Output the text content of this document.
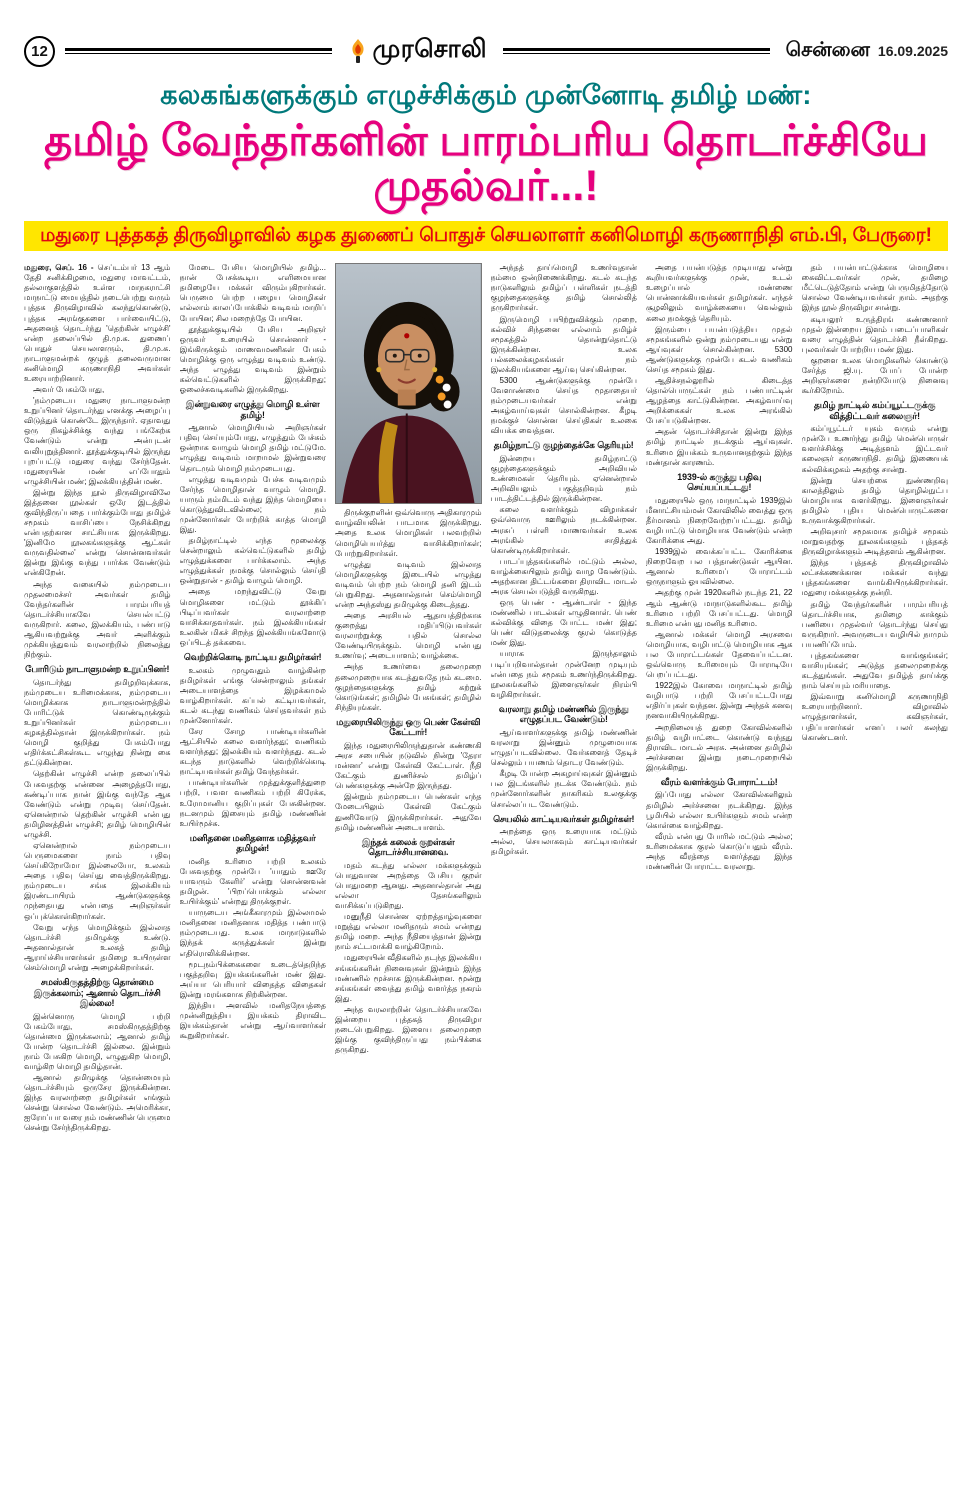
12	முரசொலி	சென்னை 16.09.2025
கலகங்களுக்கும் எழுச்சிக்கும் முன்னோடி தமிழ் மண்:
தமிழ் வேந்தர்களின் பாரம்பரிய தொடர்ச்சியே முதல்வர்...!
மதுரை புத்தகத் திருவிழாவில் கழக துணைப் பொதுச் செயலாளர் கனிமொழி கருணாநிதி எம்.பி, பேருரை!

மதுரை, செப். 16 - செப்டம்பர் 13 ஆம் தேதி சனிக்கிழமை, மதுரை மாவட்டம், தல்லாகுளத்தில் உள்ள மாநகராட்சி மாநாட்டு மையத்தில் நடைபெற்று வரும் புத்தக திருவிழாவில் கலந்துகொண்டு, புத்தக அரங்குகளை பார்வையிட்டு, அதனைத் தொடர்ந்து 'தெற்கின் எழுச்சி' என்ற தலைப்பில் தி.மு.க. துணைப் பொதுச் செயலாளரும், தி.மு.க. நாடாளுமன்றக் குழுத் தலைவருமான கனிமொழி கருணாநிதி அவர்கள் உரையாற்றினார்.

அவர் பேசும்போது,

'நம்முடைய மதுரை நாடாளுமன்ற உறுப்பினர் தொடர்ந்து எனக்கு அழைப்பு விடுத்துக் கொண்டே இருந்தார். ஏதாவது ஒரு நிகழ்ச்சிக்கு வந்து பங்கேற்க வேண்டும் என்று அன்புடன் வலியுறுத்தினார். தூத்துக்குடியில் இருந்து புறப்பட்டு மதுரை வந்து சேர்ந்தேன். மதுரையின் மண் எப்போதும் எழுச்சியின் மண்; இலக்கியத்தின் மண்.

இன்று இந்த நூல் திருவிழாவிலே இத்தனை நூல்கள் ஒரே இடத்தில் குவிந்திருப்பதை பார்க்கும்போது தமிழ்ச் சமூகம் வாசிப்பை நேசிக்கிறது என்பதற்கான சாட்சியாக இருக்கிறது. 'இனிமே நூலகங்களுக்கு ஆட்கள் வருவதில்லை' என்று சொன்னவர்கள் இன்று இங்கு வந்து பார்க்க வேண்டும் என்கிறேன்.

அந்த வகையில் நம்முடைய முதலமைச்சர் அவர்கள் தமிழ் வேந்தர்களின் பாரம்பரியத் தொடர்ச்சியாகவே செயல்பட்டு வருகிறார். கலை, இலக்கியம், பண்பாடு ஆகியவற்றுக்கு அவர் அளிக்கும் முக்கியத்துவம் வரலாற்றில் நிலைத்து நிற்கும்.

போரிடும் நாடாளுமன்ற உறுப்பினர்!

தொடர்ந்து தமிழறிவுக்காக, நம்முடைய உரிமைக்காக, நம்முடைய மொழிக்காக நாடாளுமன்றத்தில் போரிட்டுக் கொண்டிருக்கும் உறுப்பினர்கள் நம்முடைய கழகத்தில்தான் இருக்கிறார்கள். நம் மொழி குறித்து பேசும்போது எதிர்க்கட்சிகள்கூட எழுந்து நின்று கை தட்டுகின்றன.

தெற்கின் எழுச்சி என்ற தலைப்பில் பேசுவதற்கு என்னை அழைத்தபோது, கண்டிப்பாக நான் இங்கு வந்தே ஆக வேண்டும் என்று முடிவு செய்தேன். ஏனென்றால் தெற்கின் எழுச்சி என்பது தமிழினத்தின் எழுச்சி; தமிழ் மொழியின் எழுச்சி.

ஏனென்றால் நம்முடைய பெருமைகளை நாம் பதிவு செய்கிறோமோ இல்லையோ, உலகம் அதை பதிவு செய்து வைத்திருக்கிறது. நம்முடைய சங்க இலக்கியம் இரண்டாயிரம் ஆண்டுகளுக்கு முந்தையது என்பதை அறிஞர்கள் ஒப்புக்கொள்கிறார்கள்.

வேறு எந்த மொழிக்கும் இல்லாத தொடர்ச்சி தமிழுக்கு உண்டு. அதனால்தான் உலகத் தமிழ் ஆராய்ச்சியாளர்கள் தமிழை உயிருள்ள செம்மொழி என்று அழைக்கிறார்கள்.

சமஸ்கிருதத்திற்கு தொன்மை இருக்கலாம்; ஆனால் தொடர்ச்சி இல்லை!

இன்னொரு மொழி பற்றி பேசும்போது, சமஸ்கிருதத்திற்கு தொன்மை இருக்கலாம்; ஆனால் தமிழ் போன்ற தொடர்ச்சி இல்லை. இன்றும் நாம் பேசுகிற மொழி, எழுதுகிற மொழி, வாழ்கிற மொழி தமிழ்தான்.

ஆனால் தமிழுக்கு தொன்மையும் தொடர்ச்சியும் ஒருசேர இருக்கின்றன. இந்த வரலாற்றை தமிழர்கள் எங்கும் சென்று சொல்ல வேண்டும். அமெரிக்கா, ஐரோப்பா வரை நம் மண்ணின் பெருமை சென்று சேர்ந்திருக்கிறது.

மேடை பேசிய மொழியில் தமிழ்... நான் பேசக்கூடிய எளிமையான தமிழையே மக்கள் விரும்புகிறார்கள். பெருமை பெற்ற பழைய மொழிகள் எல்லாம் காலப்போக்கில் வடிவம் மாறிப் போயின; சில மறைந்தே போயின.

தூத்துக்குடியில் பேசிய அறிஞர் ஒருவர் உரையில் சொன்னார் - இங்கிருக்கும் மாணவமணிகள் பேசும் மொழிக்கு ஒரு எழுத்து வடிவம் உண்டு. அந்த எழுத்து வடிவம் இன்றும் கல்வெட்டுகளில் இருக்கிறது; ஓலைச்சுவடிகளில் இருக்கிறது.

இன்றுவரை எழுத்து மொழி உள்ள தமிழ்!

ஆனால் மொழியியல் அறிஞர்கள் பதிவு செய்யும்போது, எழுத்தும் பேச்சும் ஒன்றாக வாழும் மொழி தமிழ் மட்டுமே. எழுத்து வடிவம் மாறாமல் இன்றுவரை தொடரும் மொழி நம்முடையது.

எழுத்து வடிவமும் பேச்சு வடிவமும் சேர்ந்த மொழிதான் வாழும் மொழி. யாரும் நம்மிடம் வந்து இந்த மொழியை கொடுத்துவிடவில்லை; நம் முன்னோர்கள் போற்றிக் காத்த மொழி இது.

தமிழ்நாட்டில் எந்த மூலைக்கு சென்றாலும் கல்வெட்டுகளில் தமிழ் எழுத்துக்களை பார்க்கலாம். அந்த எழுத்துக்கள் நமக்கு சொல்லும் செய்தி ஒன்றுதான் - தமிழ் வாழும் மொழி.

அதை மறந்துவிட்டு வேறு மொழிகளை மட்டும் தூக்கிப் பிடிப்பவர்கள் வரலாற்றை வாசிக்காதவர்கள். நம் இலக்கியங்கள் உலகின் மிகச் சிறந்த இலக்கியங்களோடு ஒப்பிடத் தக்கவை.

வெற்றிக்கொடி நாட்டிய தமிழர்கள்!

உலகம் முழுவதும் வாழ்கின்ற தமிழர்கள் எங்கு சென்றாலும் தங்கள் அடையாளத்தை இழக்காமல் வாழ்கிறார்கள். கப்பல் கட்டியவர்கள், கடல் கடந்து வணிகம் செய்தவர்கள் நம் முன்னோர்கள்.

சேர சோழ பாண்டியர்களின் ஆட்சியில் கலை வளர்ந்தது; வணிகம் வளர்ந்தது; இலக்கியம் வளர்ந்தது. கடல் கடந்த நாடுகளில் வெற்றிக்கொடி நாட்டியவர்கள் தமிழ் வேந்தர்கள்.

பாண்டியர்களின் முத்துக்குளித்துறை பற்றி, பவள வணிகம் பற்றி கிரேக்க, உரோமானிய குறிப்புகள் பேசுகின்றன. நடனமும் இசையும் தமிழ் மண்ணின் உயிர்மூச்சு.

மனிதனை மனிதனாக மதித்தவர் தமிழன்!

மனித உரிமை பற்றி உலகம் பேசுவதற்கு முன்பே 'யாதும் ஊரே யாவரும் கேளிர்' என்று சொன்னவன் தமிழன். 'பிறப்பொக்கும் எல்லா உயிர்க்கும்' என்றது திருக்குறள்.

யாருடைய அங்கீகாரமும் இல்லாமல் மனிதனை மனிதனாக மதித்த பண்பாடு நம்முடையது. உலக மாநாடுகளில் இந்தக் கருத்துக்கள் இன்று எதிரொலிக்கின்றன.

மூடநம்பிக்கைகளை உடைத்தெறிந்த பகுத்தறிவு இயக்கங்களின் மண் இது. அய்யா பெரியார் விதைத்த விதைகள் இன்று மரங்களாக நிற்கின்றன.

இந்திய அளவில் மனிதநேயத்தை முன்னிறுத்திய இயக்கம் திராவிட இயக்கம்தான் என்று ஆய்வாளர்கள் கூறுகிறார்கள்.

திருக்குறளின் ஒவ்வொரு அதிகாரமும் வாழ்வியலின் பாடமாக இருக்கிறது. அதை உலக மொழிகள் பலவற்றில் மொழிபெயர்த்து வாசிக்கிறார்கள்; போற்றுகிறார்கள்.

எழுத்து வடிவம் இல்லாத மொழிகளுக்கு இடையில் எழுத்து வடிவம் பெற்ற நம் மொழி தனி இடம் பெறுகிறது. அதனால்தான் செம்மொழி என்ற அந்தஸ்து தமிழுக்கு கிடைத்தது.

அதை அரசியல் ஆதாயத்திற்காக குறைத்து மதிப்பிடுபவர்கள் வரலாற்றுக்கு பதில் சொல்ல வேண்டியிருக்கும். மொழி என்பது உணர்வு; அடையாளம்; வாழ்க்கை.

அந்த உணர்வை தலைமுறை தலைமுறையாக கடத்துவதே நம் கடமை. குழந்தைகளுக்கு தமிழ் கற்றுக் கொடுங்கள்; தமிழில் பேசுங்கள்; தமிழில் சிந்தியுங்கள்.

மதுரையிலிருந்து ஒரு பெண் கேள்வி கேட்டார்!

இந்த மதுரையிலிருந்துதான் கண்ணகி அரச சபையின் நடுவில் நின்று 'தேரா மன்னா' என்று கேள்வி கேட்டாள். நீதி கேட்கும் துணிச்சல் தமிழ்ப் பெண்களுக்கு அன்றே இருந்தது.

இன்றும் நம்முடைய பெண்கள் எந்த மேடையிலும் கேள்வி கேட்கும் துணிவோடு இருக்கிறார்கள். அதுவே தமிழ் மண்ணின் அடையாளம்.

இந்தக் கலைக் குறள்கள் தொடர்ச்சியானவை.

மதம் கடந்து எல்லா மக்களுக்கும் பொதுவான அறத்தை பேசிய குறள் பொதுமறை ஆனது. அதனால்தான் அது எல்லா தேசங்களிலும் வாசிக்கப்படுகிறது.

மனுநீதி சொன்ன ஏற்றத்தாழ்வுகளை மறுத்து எல்லா மனிதரும் சமம் என்றது தமிழ் மறை. அந்த நீதியைத்தான் இன்று நாம் சட்டமாக்கி வாழ்கிறோம்.

மதுரையின் வீதிகளில் நடந்த இலக்கிய சங்கங்களின் நினைவுகள் இன்றும் இந்த மண்ணில் மூச்சாக இருக்கின்றன. மூன்று சங்கங்கள் வைத்து தமிழ் வளர்த்த நகரம் இது.

அந்த வரலாற்றின் தொடர்ச்சியாகவே இன்றைய புத்தகத் திருவிழா நடைபெறுகிறது. இளைய தலைமுறை இங்கு குவிந்திருப்பது நம்பிக்கை தருகிறது.

அந்தத் தாய்மொழி உணர்வுதான் நம்மை ஒன்றிணைக்கிறது. கடல் கடந்த நாடுகளிலும் தமிழ்ப் பள்ளிகள் நடத்தி குழந்தைகளுக்கு தமிழ் சொல்லித் தருகிறார்கள்.

இருமொழி பயிற்றுவிக்கும் முறை, கல்விச் சிந்தனை எல்லாம் தமிழ்ச் சமூகத்தில் தொன்றுதொட்டு இருக்கின்றன. உலக பல்கலைக்கழகங்கள் நம் இலக்கியங்களை ஆய்வு செய்கின்றன.

5300 ஆண்டுகளுக்கு முன்பே வேளாண்மை செய்த மூதாதையர் நம்முடையவர்கள் என்று அகழ்வாய்வுகள் சொல்கின்றன. கீழடி நமக்குச் சொன்ன செய்திகள் உலகை வியக்க வைத்தன.

தமிழ்நாட்டு குழந்தைக்கே தெரியும்!

இன்றைய தமிழ்நாட்டு குழந்தைகளுக்கும் அறிவியல் உண்மைகள் தெரியும். ஏனென்றால் அறிவியலும் பகுத்தறிவும் நம் பாடத்திட்டத்தில் இருக்கின்றன.

கலை வளர்க்கும் விழாக்கள் ஒவ்வொரு ஊரிலும் நடக்கின்றன. அரசுப் பள்ளி மாணவர்கள் உலக அரங்கில் சாதித்துக் கொண்டிருக்கிறார்கள்.

பாடப்புத்தகங்களில் மட்டும் அல்ல, வாழ்க்கையிலும் தமிழ் வாழ வேண்டும். அதற்கான திட்டங்களை திராவிட மாடல் அரசு செயல்படுத்தி வருகிறது.

ஒரு பெண் - ஆண்டாள் - இந்த மண்ணில் பாடல்கள் எழுதினாள். பெண் கல்விக்கு விதை போட்ட மண் இது; பெண் விடுதலைக்கு குரல் கொடுத்த மண் இது.

யாராக இருந்தாலும் படிப்பறிவால்தான் முன்னேற முடியும் என்பதை நம் சமூகம் உணர்ந்திருக்கிறது. நூலகங்களில் இளைஞர்கள் நிரம்பி வழிகிறார்கள்.

வரலாறு தமிழ் மண்ணில் இருந்து எழுதப்பட வேண்டும்!

ஆய்வாளர்களுக்கு தமிழ் மண்ணின் வரலாறு இன்னும் முழுமையாக எழுதப்படவில்லை. வேர்களைத் தேடிச் செல்லும் பயணம் தொடர வேண்டும்.

கீழடி போன்ற அகழாய்வுகள் இன்னும் பல இடங்களில் நடக்க வேண்டும். நம் முன்னோர்களின் நாகரிகம் உலகுக்கு சொல்லப்பட வேண்டும்.

செயலில் காட்டியவர்கள் தமிழர்கள்!

அறத்தை ஒரு உரையாக மட்டும் அல்ல, செயலாகவும் காட்டியவர்கள் தமிழர்கள்.

அதை பயன்படுத்த முடியாது என்று கூறியவர்களுக்கு முன், உடல் உழைப்பால் மண்ணை பொன்னாக்கியவர்கள் தமிழர்கள். எந்தச் சூழலிலும் வாழ்க்கையை வெல்லும் கலை நமக்குத் தெரியும்.

இரும்பை பயன்படுத்திய முதல் சமூகங்களில் ஒன்று நம்முடையது என்று ஆய்வுகள் சொல்கின்றன. 5300 ஆண்டுகளுக்கு முன்பே கடல் வணிகம் செய்த சமூகம் இது.

ஆதிச்சநல்லூரில் கிடைத்த தொல்பொருட்கள் நம் பண்பாட்டின் ஆழத்தை காட்டுகின்றன. அகழ்வாய்வு அறிக்கைகள் உலக அரங்கில் பேசப்படுகின்றன.

அதன் தொடர்ச்சிதான் இன்று இந்த தமிழ் நாட்டில் நடக்கும் ஆய்வுகள். உரிமை இயக்கம் உருவானதற்கும் இந்த மண்தான் காரணம்.

1939-ல் கருத்து பதிவு செய்யப்பட்டது!

மதுரையில் ஒரு மாநாட்டில் 1939இல் மீனாட்சியம்மன் கோவிலில் வைத்து ஒரு தீர்மானம் நிறைவேற்றப்பட்டது. தமிழ் வழிபாட்டு மொழியாக வேண்டும் என்ற கோரிக்கை அது.

1939இல் வைக்கப்பட்ட கோரிக்கை நிறைவேற பல பத்தாண்டுகள் ஆயின. ஆனால் உரிமைப் போராட்டம் ஒருநாளும் ஓயவில்லை.

அதற்கு முன் 1920களில் நடந்த 21, 22 ஆம் ஆண்டு மாநாடுகளில்கூட தமிழ் உரிமை பற்றி பேசப்பட்டது. மொழி உரிமை என்பது மனித உரிமை.

ஆனால் மக்கள் மொழி அரசவை மொழியாக, வழிபாட்டு மொழியாக ஆக பல போராட்டங்கள் தேவைப்பட்டன. ஒவ்வொரு உரிமையும் போராடியே பெறப்பட்டது.

1922இல் கோவை மாநாட்டில் தமிழ் வழிபாடு பற்றி பேசப்பட்டபோது எதிர்ப்புகள் வந்தன. இன்று அந்தக் கனவு நனவாகியிருக்கிறது.

அறநிலையத் துறை கோவில்களில் தமிழ் வழிபாட்டை கொண்டு வந்தது திராவிட மாடல் அரசு. அன்னை தமிழில் அர்ச்சனை இன்று நடைமுறையில் இருக்கிறது.

வீரம் வளர்க்கும் போராட்டம்!

இப்போது எல்லா கோவில்களிலும் தமிழில் அர்ச்சனை நடக்கிறது. இந்த பூமியில் எல்லா உயிர்களும் சமம் என்ற கொள்கை வாழ்கிறது.

வீரம் என்பது போரில் மட்டும் அல்ல; உரிமைக்காக குரல் கொடுப்பதும் வீரம். அந்த வீரத்தை வளர்த்தது இந்த மண்ணின் போராட்ட வரலாறு.

தம் பயன்பாட்டுக்காக மொழியை கைவிட்டவர்கள் முன், தமிழை மீட்டெடுத்தோம் என்று பெருமிதத்தோடு சொல்ல வேண்டியவர்கள் நாம். அதற்கு இந்த நூல் திருவிழா சான்று.

கடியலூர் உருத்திரங் கண்ணனார் முதல் இன்றைய இளம் படைப்பாளிகள் வரை எழுத்தின் தொடர்ச்சி நீள்கிறது. புலவர்கள் போற்றிய மண் இது.

குறளை உலக மொழிகளில் கொண்டு சேர்த்த ஜி.யு. போப் போன்ற அறிஞர்களை நன்றியோடு நினைவு கூர்கிறோம்.

தமிழ் நாட்டில் கம்ப்யூட்டருக்கு வித்திட்டவர் கலைஞர்!

கம்ப்யூட்டர் யுகம் வரும் என்று முன்பே உணர்ந்து தமிழ் மென்பொருள் வளர்ச்சிக்கு அடித்தளம் இட்டவர் கலைஞர் கருணாநிதி. தமிழ் இணையக் கல்விக்கழகம் அதற்கு சான்று.

இன்று செயற்கை நுண்ணறிவு காலத்திலும் தமிழ் தொழில்நுட்ப மொழியாக வளர்கிறது. இளைஞர்கள் தமிழில் புதிய மென்பொருட்களை உருவாக்குகிறார்கள்.

அறிவுசார் சமூகமாக தமிழ்ச் சமூகம் மாறுவதற்கு நூலகங்களும் புத்தகத் திருவிழாக்களும் அடித்தளம் ஆகின்றன.

இந்த புத்தகத் திருவிழாவில் லட்சக்கணக்கான மக்கள் வந்து புத்தகங்களை வாங்கியிருக்கிறார்கள். மதுரை மக்களுக்கு நன்றி.

தமிழ் வேந்தர்களின் பாரம்பரியத் தொடர்ச்சியாக, தமிழை காக்கும் பணியை முதல்வர் தொடர்ந்து செய்து வருகிறார். அவருடைய வழியில் நாமும் பயணிப்போம்.

புத்தகங்களை வாங்குங்கள்; வாசியுங்கள்; அடுத்த தலைமுறைக்கு கடத்துங்கள். அதுவே தமிழ்த் தாய்க்கு நாம் செய்யும் மரியாதை.

இவ்வாறு கனிமொழி கருணாநிதி உரையாற்றினார். விழாவில் எழுத்தாளர்கள், கவிஞர்கள், பதிப்பாளர்கள் எனப் பலர் கலந்து கொண்டனர்.
